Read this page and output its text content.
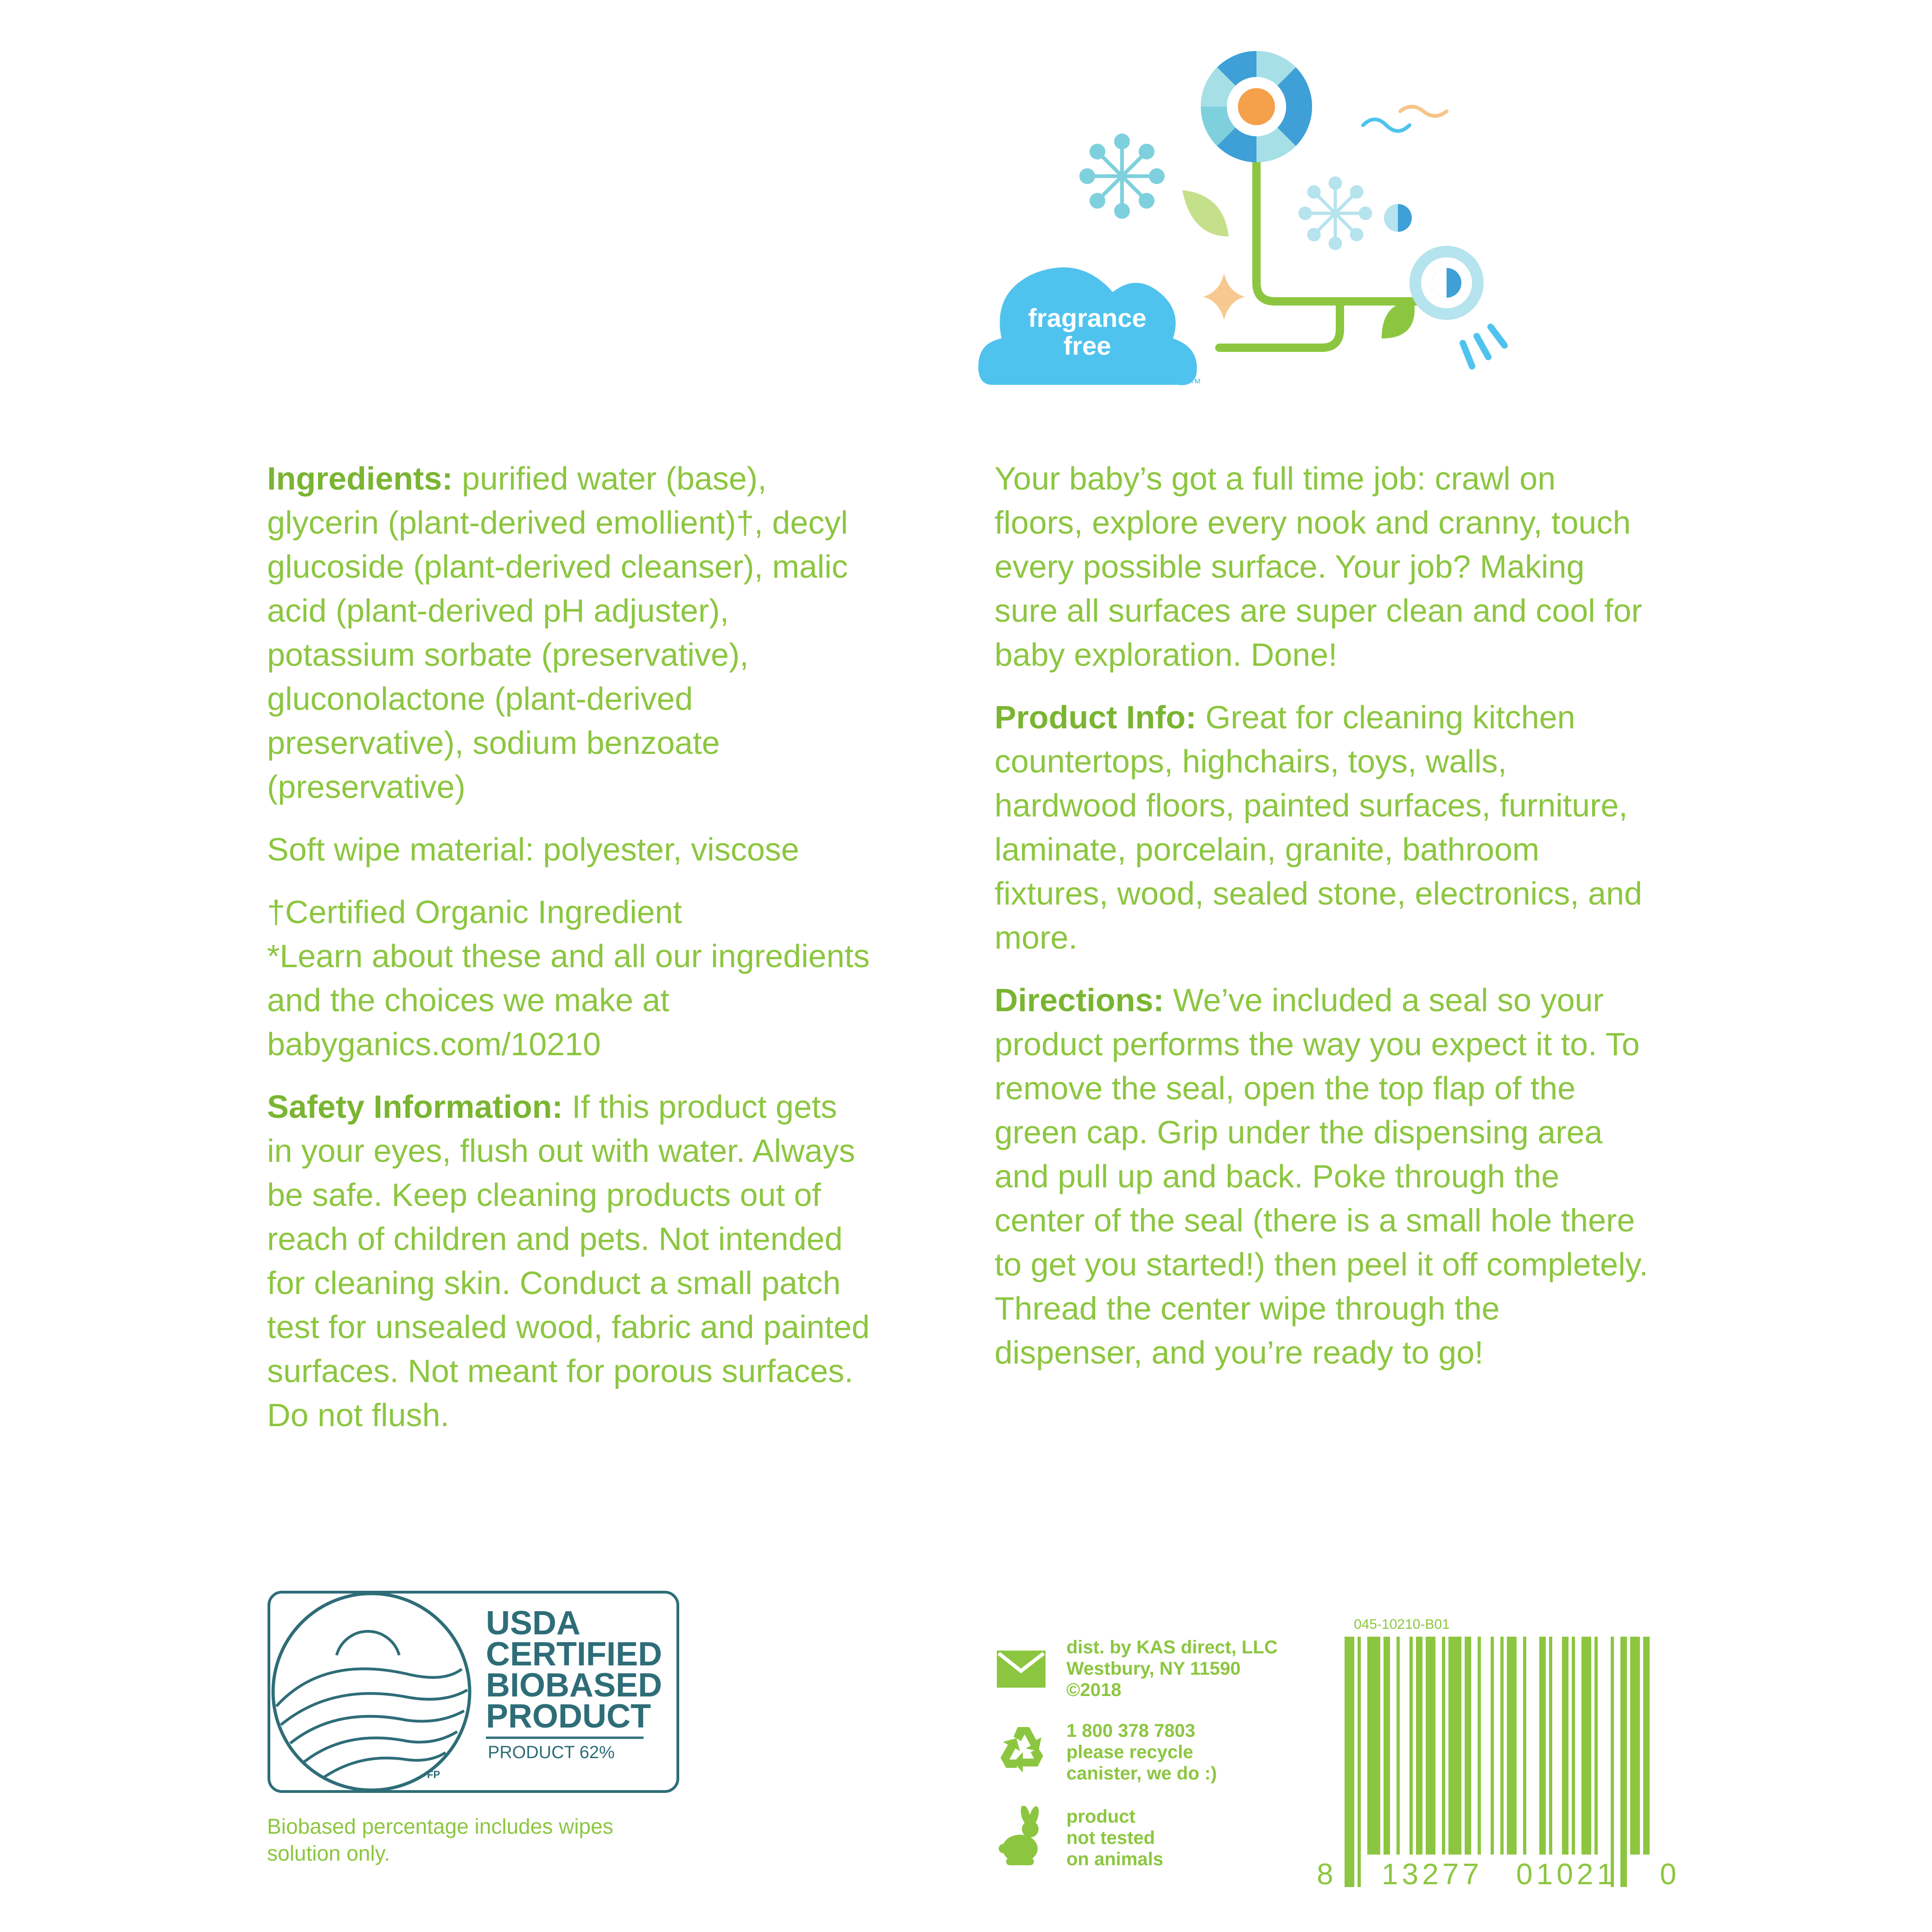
fragrance
free
™

Ingredients: purified water (base), glycerin (plant-derived emollient)†, decyl glucoside (plant-derived cleanser), malic acid (plant-derived pH adjuster), potassium sorbate (preservative), gluconolactone (plant-derived preservative), sodium benzoate (preservative)

Soft wipe material: polyester, viscose

†Certified Organic Ingredient

*Learn about these and all our ingredients and the choices we make at babyganics.com/10210

Safety Information: If this product gets in your eyes, flush out with water. Always be safe. Keep cleaning products out of reach of children and pets. Not intended for cleaning skin. Conduct a small patch test for unsealed wood, fabric and painted surfaces. Not meant for porous surfaces. Do not flush.

Your baby’s got a full time job: crawl on floors, explore every nook and cranny, touch every possible surface. Your job? Making sure all surfaces are super clean and cool for baby exploration. Done!

Product Info: Great for cleaning kitchen countertops, highchairs, toys, walls, hardwood floors, painted surfaces, furniture, laminate, porcelain, granite, bathroom fixtures, wood, sealed stone, electronics, and more.

Directions: We’ve included a seal so your product performs the way you expect it to. To remove the seal, open the top flap of the green cap. Grip under the dispensing area and pull up and back. Poke through the center of the seal (there is a small hole there to get you started!) then peel it off completely. Thread the center wipe through the dispenser, and you’re ready to go!

FP
USDA
CERTIFIED
BIOBASED
PRODUCT
PRODUCT 62%
Biobased percentage includes wipes solution only.
dist. by KAS direct, LLC
Westbury, NY 11590
©2018
1 800 378 7803
please recycle
canister, we do :)
product
not tested
on animals
045-10210-B01
8 13277 01021 0
